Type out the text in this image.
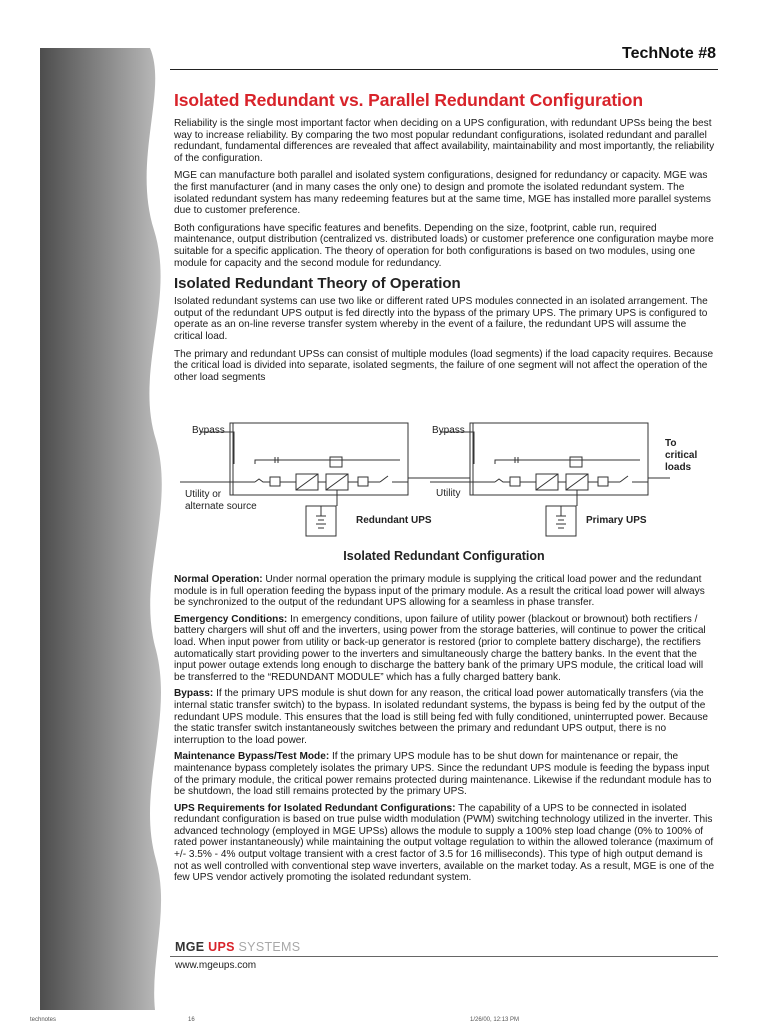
TechNote #8
Isolated Redundant vs. Parallel Redundant Configuration

Reliability is the single most important factor when deciding on a UPS configuration, with redundant UPSs being the best way to increase reliability. By comparing the two most popular redundant configurations, isolated redundant and parallel redundant, fundamental differences are revealed that affect availability, maintainability and most importantly, the reliability of the configuration.

MGE can manufacture both parallel and isolated system configurations, designed for redundancy or capacity. MGE was the first manufacturer (and in many cases the only one) to design and promote the isolated redundant system. The isolated redundant system has many redeeming features but at the same time, MGE has installed more parallel systems due to customer preference.

Both configurations have specific features and benefits. Depending on the size, footprint, cable run, required maintenance, output distribution (centralized vs. distributed loads) or customer preference one configuration maybe more suitable for a specific application. The theory of operation for both configurations is based on two modules, using one module for capacity and the second module for redundancy.

Isolated Redundant Theory of Operation

Isolated redundant systems can use two like or different rated UPS modules connected in an isolated arrangement. The output of the redundant UPS output is fed directly into the bypass of the primary UPS. The primary UPS is configured to operate as an on-line reverse transfer system whereby in the event of a failure, the redundant UPS will assume the critical load.

The primary and redundant UPSs can consist of multiple modules (load segments) if the load capacity requires. Because the critical load is divided into separate, isolated segments, the failure of one segment will not affect the operation of the other load segments

Bypass	Bypass
Utility or
alternate source
Utility
Redundant UPS	Primary UPS
To
critical
loads
Isolated Redundant Configuration

Normal Operation: Under normal operation the primary module is supplying the critical load power and the redundant module is in full operation feeding the bypass input of the primary module. As a result the critical load power will always be synchronized to the output of the redundant UPS allowing for a seamless in phase transfer.

Emergency Conditions: In emergency conditions, upon failure of utility power (blackout or brownout) both rectifiers / battery chargers will shut off and the inverters, using power from the storage batteries, will continue to power the critical load. When input power from utility or back-up generator is restored (prior to complete battery discharge), the rectifiers automatically start providing power to the inverters and simultaneously charge the battery banks. In the event that the input power outage extends long enough to discharge the battery bank of the primary UPS module, the critical load will be transferred to the “REDUNDANT MODULE” which has a fully charged battery bank.

Bypass: If the primary UPS module is shut down for any reason, the critical load power automatically transfers (via the internal static transfer switch) to the bypass. In isolated redundant systems, the bypass is being fed by the output of the redundant UPS module. This ensures that the load is still being fed with fully conditioned, uninterrupted power. Because the static transfer switch instantaneously switches between the primary and redundant UPS output, there is no interruption to the load power.

Maintenance Bypass/Test Mode: If the primary UPS module has to be shut down for maintenance or repair, the maintenance bypass completely isolates the primary UPS. Since the redundant UPS module is feeding the bypass input of the primary module, the critical power remains protected during maintenance. Likewise if the redundant module has to be shutdown, the load still remains protected by the primary UPS.

UPS Requirements for Isolated Redundant Configurations: The capability of a UPS to be connected in isolated redundant configuration is based on true pulse width modulation (PWM) switching technology utilized in the inverter. This advanced technology (employed in MGE UPSs) allows the module to supply a 100% step load change (0% to 100% of rated power instantaneously) while maintaining the output voltage regulation to within the allowed tolerance (maximum of +/- 3.5% - 4% output voltage transient with a crest factor of 3.5 for 16 milliseconds). This type of high output demand is not as well controlled with conventional step wave inverters, available on the market today. As a result, MGE is one of the few UPS vendor actively promoting the isolated redundant system.

MGE UPS SYSTEMS
www.mgeups.com
technotes	16	1/26/00, 12:13 PM
